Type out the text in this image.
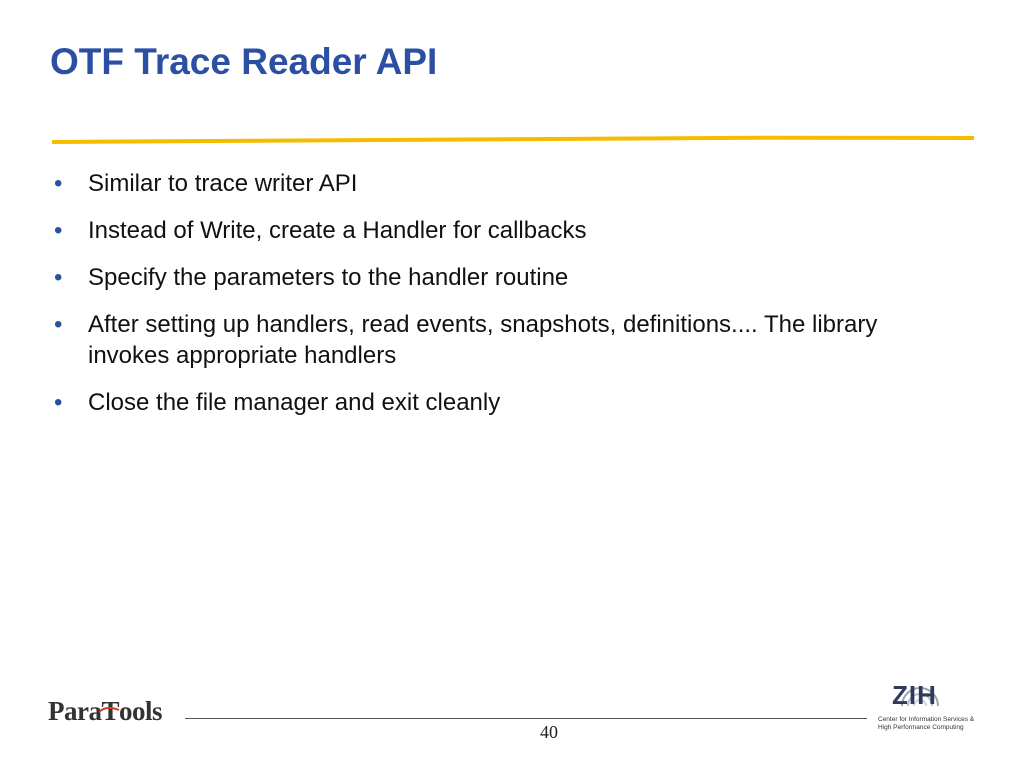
OTF Trace Reader API
• Similar to trace writer API
• Instead of Write, create a Handler for callbacks
• Specify the parameters to the handler routine
• After setting up handlers, read events, snapshots, definitions.... The library invokes appropriate handlers
• Close the file manager and exit cleanly
ParaT
ools
40
ZIH
Center for Information Services &
High Performance Computing
